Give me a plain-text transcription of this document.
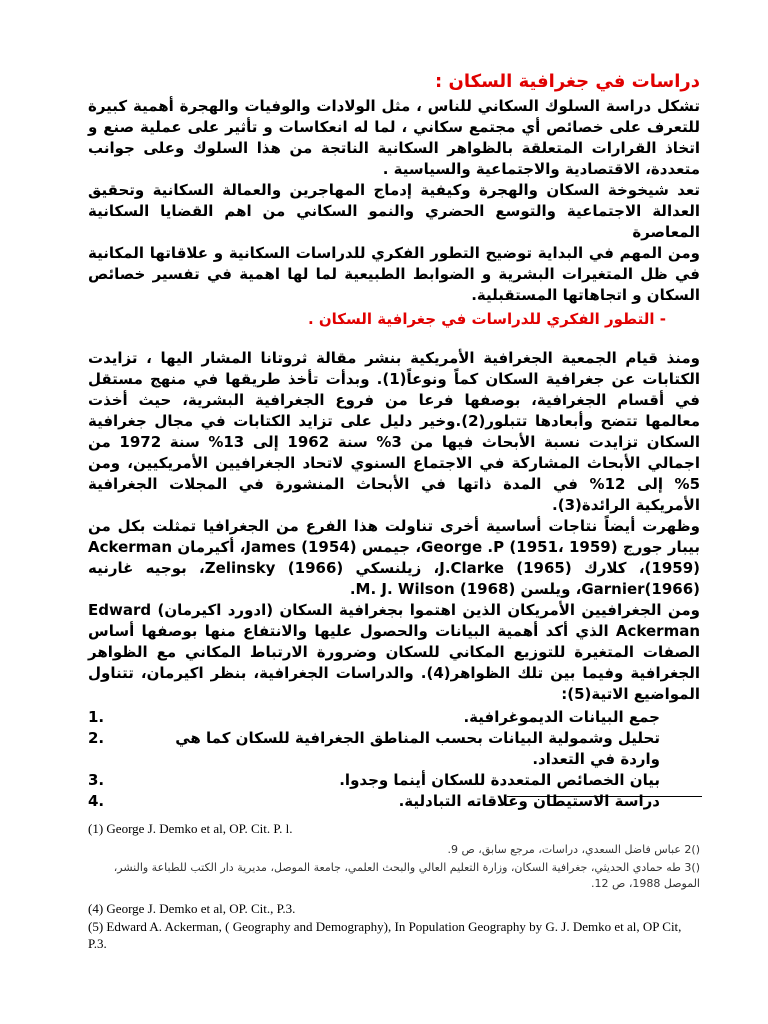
دراسات في جغرافية السكان :

تشكل دراسة السلوك السكاني للناس ، مثل الولادات والوفيات والهجرة أهمية كبيرة للتعرف على خصائص أي مجتمع سكاني ، لما له انعكاسات و تأثير على عملية صنع و اتخاذ القرارات المتعلقة بالظواهر السكانية الناتجة من هذا السلوك وعلى جوانب متعددة، الاقتصادية والاجتماعية والسياسية .

تعد شيخوخة السكان والهجرة وكيفية إدماج المهاجرين والعمالة السكانية وتحقيق العدالة الاجتماعية والتوسع الحضري والنمو السكاني من اهم القضايا السكانية المعاصرة

ومن المهم في البداية توضيح التطور الفكري للدراسات السكانية و علاقاتها المكانية في ظل المتغيرات البشرية و الضوابط الطبيعية لما لها اهمية في تفسير خصائص السكان و اتجاهاتها المستقبلية.

- التطور الفكري للدراسات في جغرافية السكان .

ومنذ قيام الجمعية الجغرافية الأمريكية بنشر مقالة ثروتانا المشار اليها ، تزايدت الكتابات عن جغرافية السكان كماً ونوعاً(1). وبدأت تأخذ طريقها في منهج مستقل في أقسام الجغرافية، بوصفها فرعا من فروع الجغرافية البشرية، حيث أخذت معالمها تتضح وأبعادها تتبلور(2).وخير دليل على تزايد الكتابات في مجال جغرافية السكان تزايدت نسبة الأبحاث فيها من 3% سنة 1962 إلى 13% سنة 1972 من اجمالي الأبحاث المشاركة في الاجتماع السنوي لاتحاد الجغرافيين الأمريكيين، ومن 5% إلى 12% في المدة ذاتها في الأبحاث المنشورة في المجلات الجغرافية الأمريكية الرائدة(3).

وظهرت أيضاً نتاجات أساسية أخرى تناولت هذا الفرع من الجغرافيا تمثلت بكل من بيبار جورج George .P (1951، 1959)، جيمس James (1954)، أكيرمان Ackerman (1959)، كلارك J.Clarke (1965)، زيلنسكي Zelinsky (1966)، بوجيه غارنيه Garnier(1966)، ويلسن M. J. Wilson (1968).

ومن الجغرافيين الأمريكان الذين اهتموا بجغرافية السكان (ادورد اكيرمان) Edward Ackerman الذي أكد أهمية البيانات والحصول عليها والانتفاع منها بوصفها أساس الصفات المتغيرة للتوزيع المكاني للسكان وضرورة الارتباط المكاني مع الظواهر الجغرافية وفيما بين تلك الظواهر(4). والدراسات الجغرافية، بنظر اكيرمان، تتناول المواضيع الاتية(5):

جمع البيانات الديموغرافية.
1.
تحليل وشمولية البيانات بحسب المناطق الجغرافية للسكان كما هي واردة في التعداد.
2.
بيان الخصائص المتعددة للسكان أينما وجدوا.
3.
دراسة الاستيطان وعلاقاته التبادلية.
4.
(1) George J. Demko et al, OP. Cit. P. l.
()2 عباس فاضل السعدي، دراسات، مرجع سابق، ص 9.
()3 طه حمادي الحديثي، جغرافية السكان، وزارة التعليم العالي والبحث العلمي، جامعة الموصل، مديرية دار الكتب للطباعة والنشر، الموصل 1988، ص 12.
(4) George J. Demko et al, OP. Cit., P.3.
(5) Edward A. Ackerman, ( Geography and Demography), In Population Geography by G. J. Demko et al, OP Cit, P.3.
